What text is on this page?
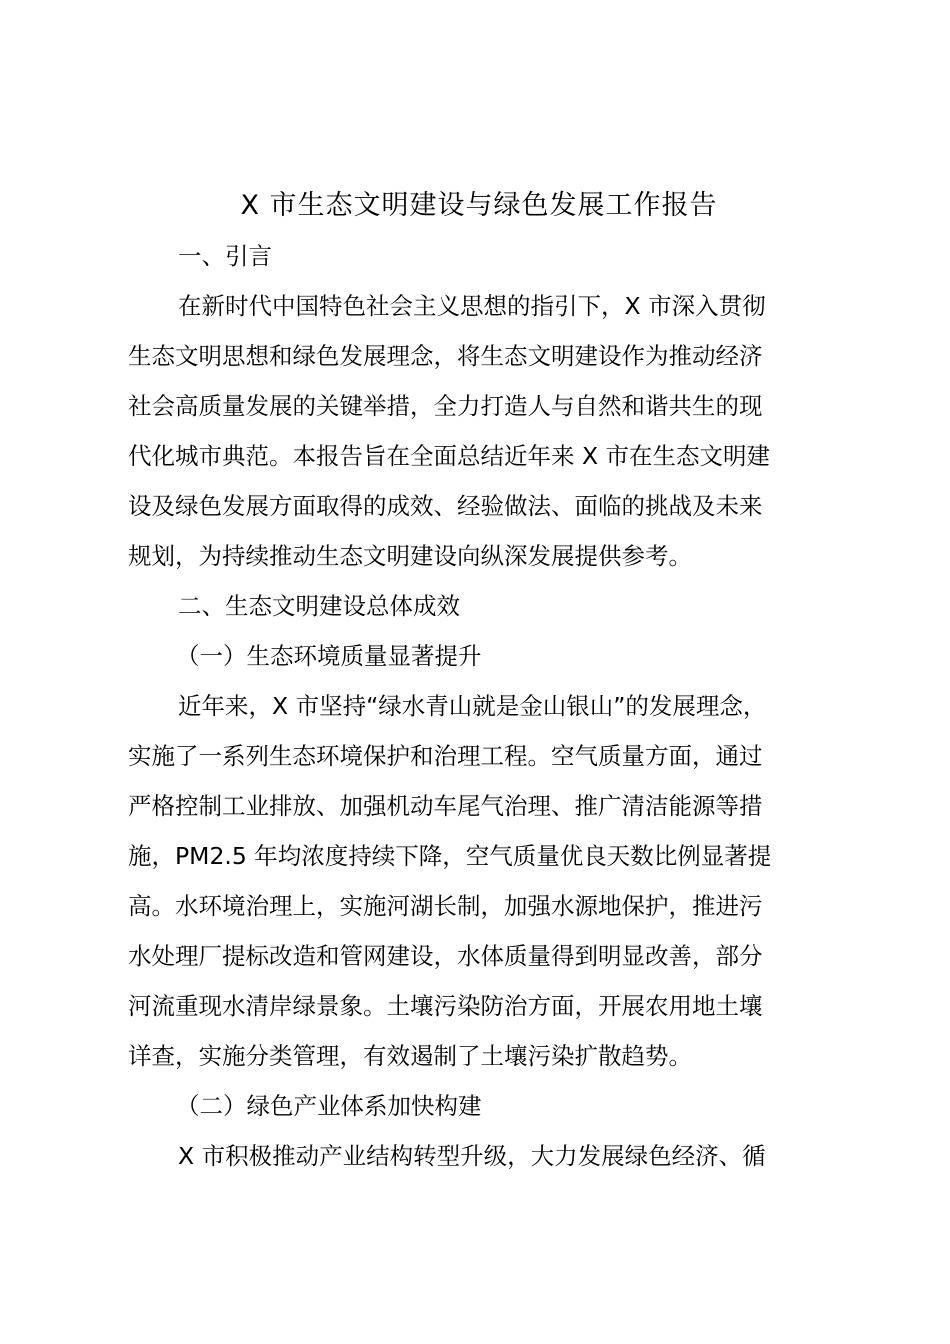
X 市生态文明建设与绿色发展工作报告

一、引言

在新时代中国特色社会主义思想的指引下，X 市深入贯彻

生态文明思想和绿色发展理念，将生态文明建设作为推动经济

社会高质量发展的关键举措，全力打造人与自然和谐共生的现

代化城市典范。本报告旨在全面总结近年来 X 市在生态文明建

设及绿色发展方面取得的成效、经验做法、面临的挑战及未来

规划，为持续推动生态文明建设向纵深发展提供参考。

二、生态文明建设总体成效

（一）生态环境质量显著提升

近年来，X 市坚持“绿水青山就是金山银山”的发展理念，

实施了一系列生态环境保护和治理工程。空气质量方面，通过

严格控制工业排放、加强机动车尾气治理、推广清洁能源等措

施，PM2.5 年均浓度持续下降，空气质量优良天数比例显著提

高。水环境治理上，实施河湖长制，加强水源地保护，推进污

水处理厂提标改造和管网建设，水体质量得到明显改善，部分

河流重现水清岸绿景象。土壤污染防治方面，开展农用地土壤

详查，实施分类管理，有效遏制了土壤污染扩散趋势。

（二）绿色产业体系加快构建

X 市积极推动产业结构转型升级，大力发展绿色经济、循
